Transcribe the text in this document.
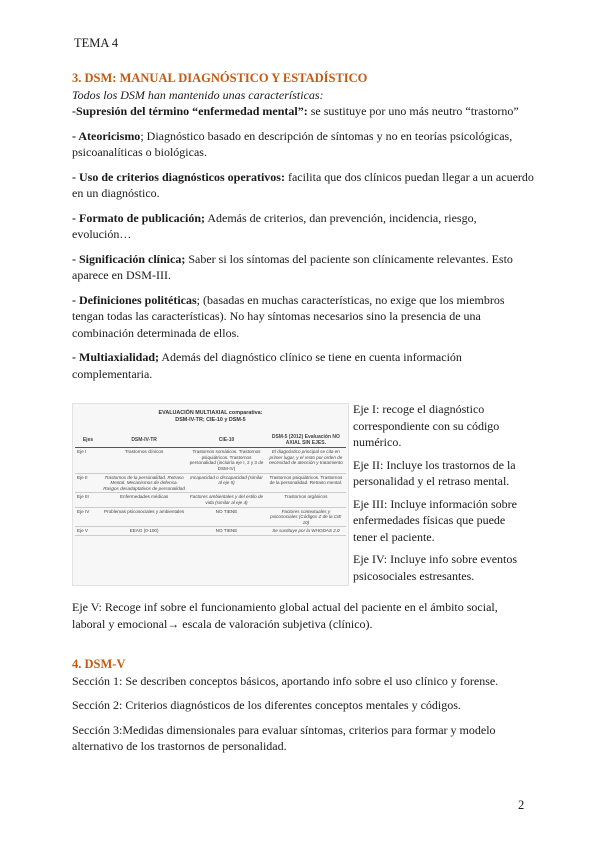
TEMA 4
3. DSM: MANUAL DIAGNÓSTICO Y ESTADÍSTICO
Todos los DSM han mantenido unas características:

-Supresión del término “enfermedad mental”: se sustituye por uno más neutro “trastorno”

- Ateoricismo; Diagnóstico basado en descripción de síntomas y no en teorías psicológicas, psicoanalíticas o biológicas.

- Uso de criterios diagnósticos operativos: facilita que dos clínicos puedan llegar a un acuerdo en un diagnóstico.

- Formato de publicación; Además de criterios, dan prevención, incidencia, riesgo, evolución…

- Significación clínica; Saber si los síntomas del paciente son clínicamente relevantes. Esto aparece en DSM-III.

- Definiciones politéticas; (basadas en muchas características, no exige que los miembros tengan todas las características). No hay síntomas necesarios sino la presencia de una combinación determinada de ellos.

- Multiaxialidad; Además del diagnóstico clínico se tiene en cuenta información complementaria.

EVALUACIÓN MULTIAXIAL comparativa:
DSM-IV-TR; CIE-10 y DSM-5
Ejes	DSM-IV-TR	CIE-10	DSM-5 (2012) Evaluación NO AXIAL SIN EJES.
Eje I	Trastornos clínicos	Trastornos somáticos. Trastornos psiquiátricos. Trastornos personalidad (incluiría eje I, 2 y 3 de DSM-IV)	El diagnóstico principal se cita en primer lugar, y el resto por orden de necesidad de atención y tratamiento
Eje II	Trastornos de la personalidad. Retraso Mental. Mecanismos de defensa. Rasgos desadaptativos de personalidad	Incapacidad o discapacidad (similar al eje II)	Trastornos psiquiátricos. Trastornos de la personalidad. Retraso mental.
Eje III	Enfermedades médicas	Factores ambientales y del estilo de vida (similar al eje 4)	Trastornos orgánicos
Eje IV	Problemas psicosociales y ambientales	NO TIENE	Factores contextuales y psicosociales (Códigos Z de la CIE 10)
Eje V	EEAG (0-100)	NO TIENE	Se sustituye por la WHODAS 2.0

Eje I: recoge el diagnóstico correspondiente con su código numérico.

Eje II: Incluye los trastornos de la personalidad y el retraso mental.

Eje III: Incluye información sobre enfermedades físicas que puede tener el paciente.

Eje IV: Incluye info sobre eventos psicosociales estresantes.

Eje V: Recoge inf sobre el funcionamiento global actual del paciente en el ámbito social, laboral y emocional→ escala de valoración subjetiva (clínico).

4. DSM-V

Sección 1: Se describen conceptos básicos, aportando info sobre el uso clínico y forense.

Sección 2: Criterios diagnósticos de los diferentes conceptos mentales y códigos.

Sección 3:Medidas dimensionales para evaluar síntomas, criterios para formar y modelo alternativo de los trastornos de personalidad.

2
